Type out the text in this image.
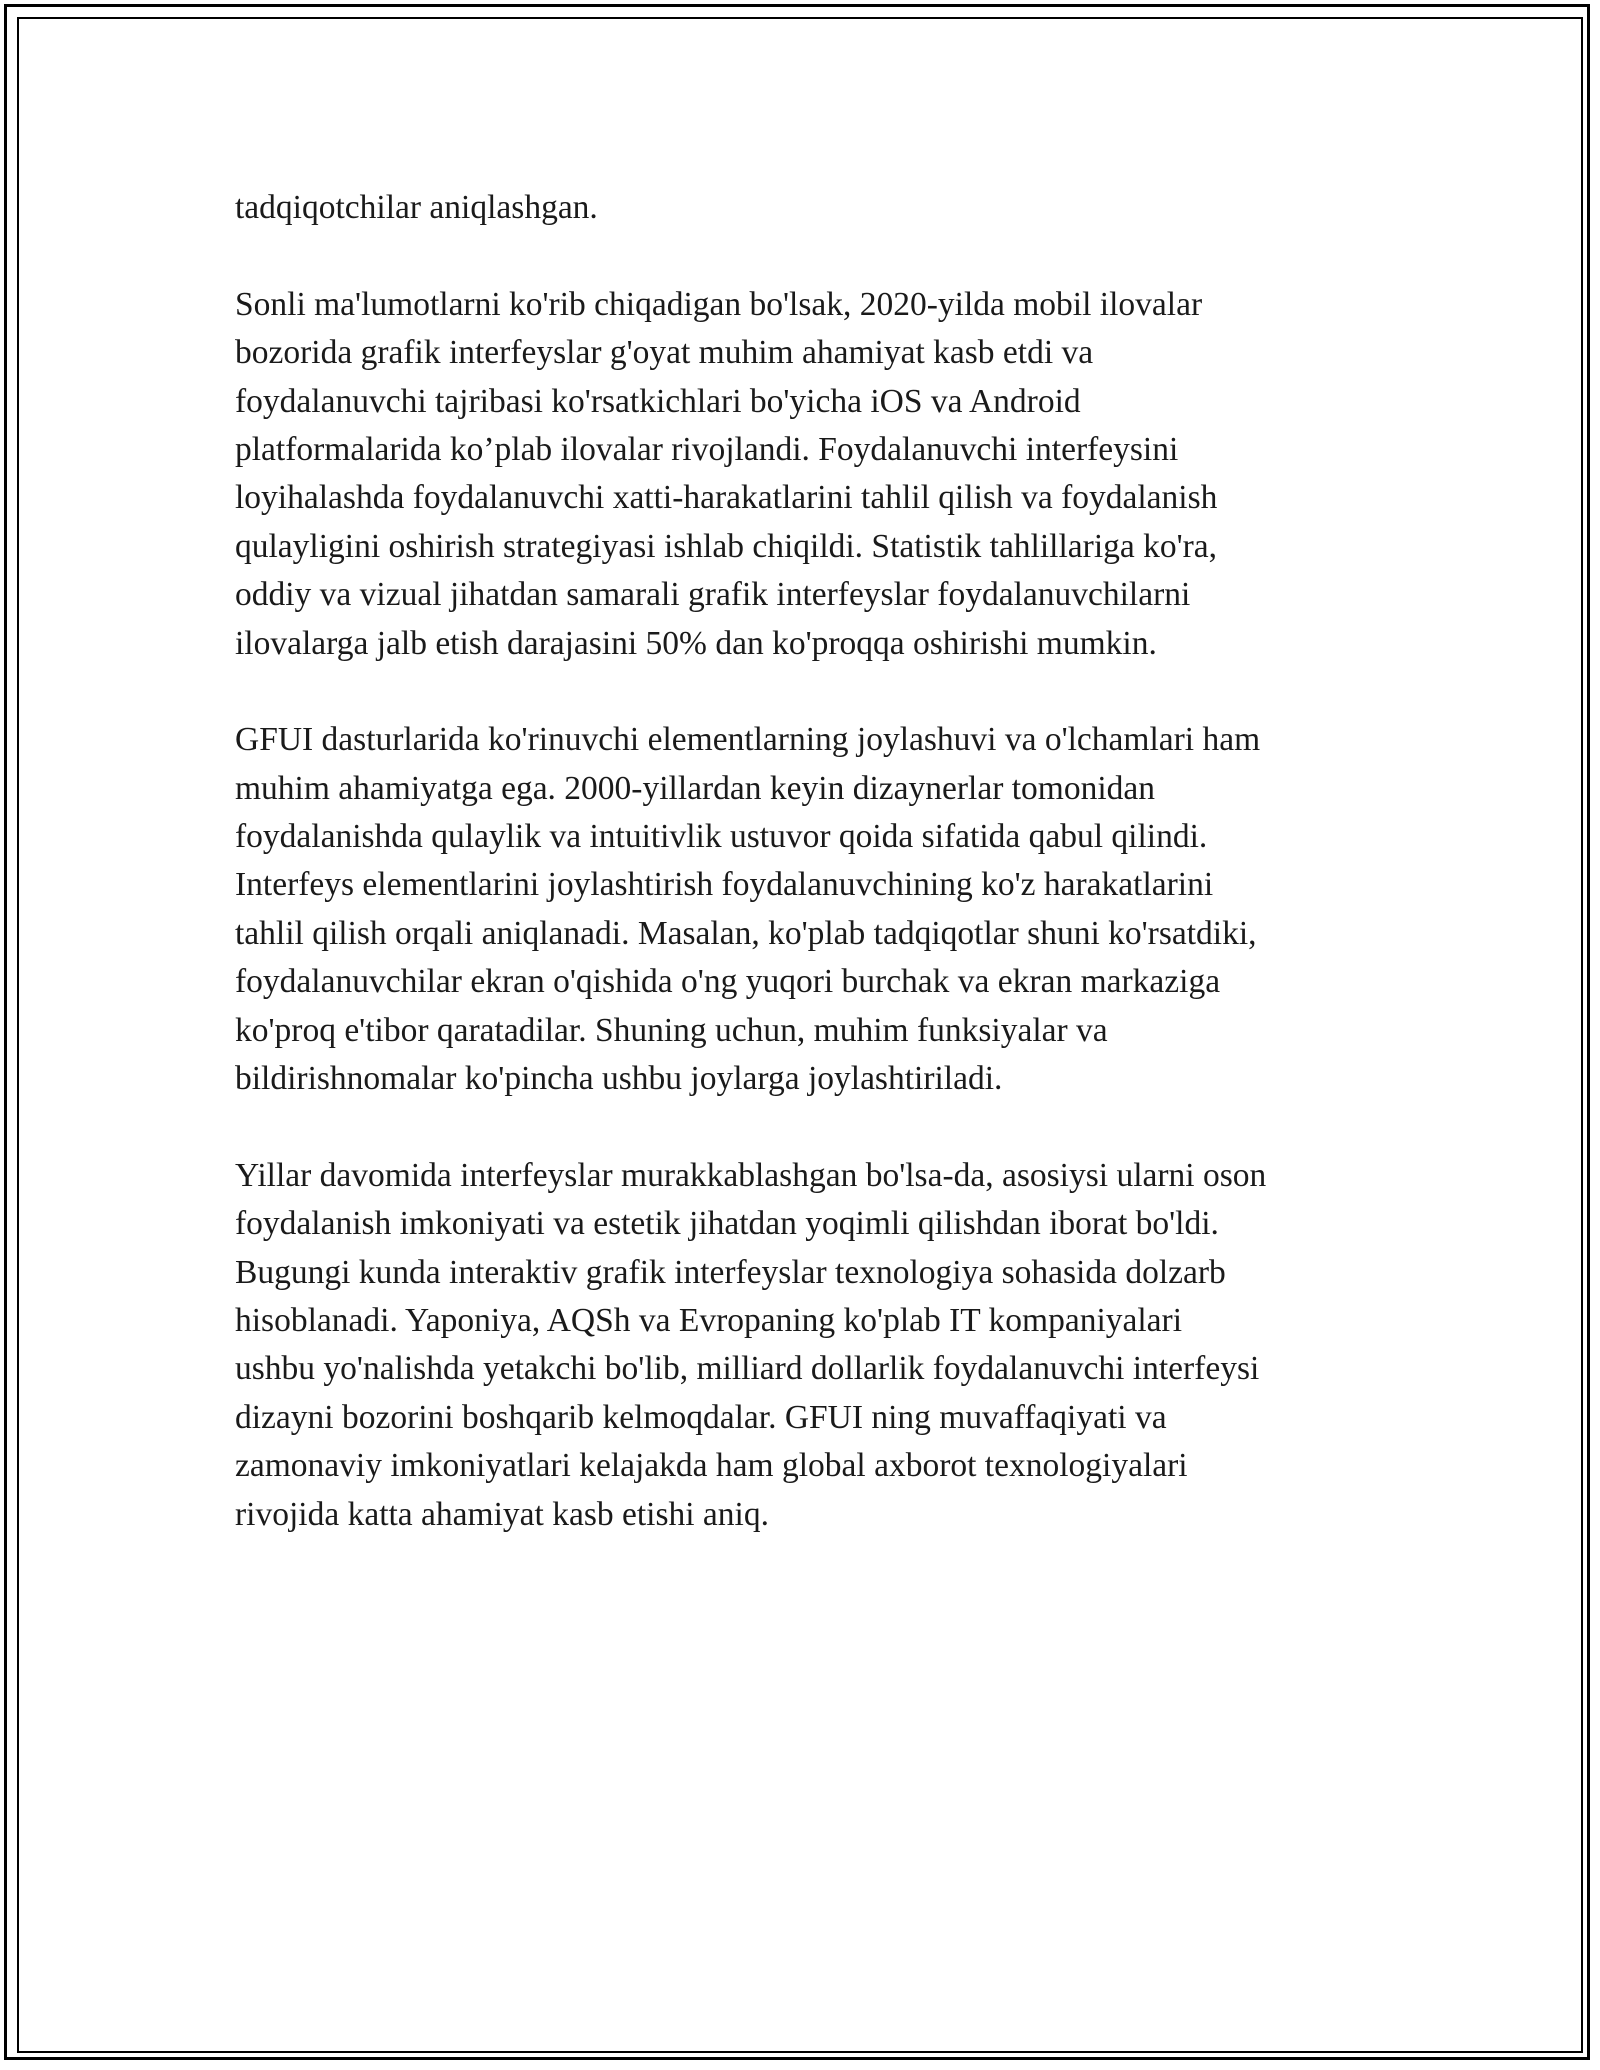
tadqiqotchilar aniqlashgan.
Sonli ma'lumotlarni ko'rib chiqadigan bo'lsak, 2020-yilda mobil ilovalar
bozorida grafik interfeyslar g'oyat muhim ahamiyat kasb etdi va
foydalanuvchi tajribasi ko'rsatkichlari bo'yicha iOS va Android
platformalarida ko’plab ilovalar rivojlandi. Foydalanuvchi interfeysini
loyihalashda foydalanuvchi xatti-harakatlarini tahlil qilish va foydalanish
qulayligini oshirish strategiyasi ishlab chiqildi. Statistik tahlillariga ko'ra,
oddiy va vizual jihatdan samarali grafik interfeyslar foydalanuvchilarni
ilovalarga jalb etish darajasini 50% dan ko'proqqa oshirishi mumkin.
GFUI dasturlarida ko'rinuvchi elementlarning joylashuvi va o'lchamlari ham
muhim ahamiyatga ega. 2000-yillardan keyin dizaynerlar tomonidan
foydalanishda qulaylik va intuitivlik ustuvor qoida sifatida qabul qilindi.
Interfeys elementlarini joylashtirish foydalanuvchining ko'z harakatlarini
tahlil qilish orqali aniqlanadi. Masalan, ko'plab tadqiqotlar shuni ko'rsatdiki,
foydalanuvchilar ekran o'qishida o'ng yuqori burchak va ekran markaziga
ko'proq e'tibor qaratadilar. Shuning uchun, muhim funksiyalar va
bildirishnomalar ko'pincha ushbu joylarga joylashtiriladi.
Yillar davomida interfeyslar murakkablashgan bo'lsa-da, asosiysi ularni oson
foydalanish imkoniyati va estetik jihatdan yoqimli qilishdan iborat bo'ldi.
Bugungi kunda interaktiv grafik interfeyslar texnologiya sohasida dolzarb
hisoblanadi. Yaponiya, AQSh va Evropaning ko'plab IT kompaniyalari
ushbu yo'nalishda yetakchi bo'lib, milliard dollarlik foydalanuvchi interfeysi
dizayni bozorini boshqarib kelmoqdalar. GFUI ning muvaffaqiyati va
zamonaviy imkoniyatlari kelajakda ham global axborot texnologiyalari
rivojida katta ahamiyat kasb etishi aniq.
